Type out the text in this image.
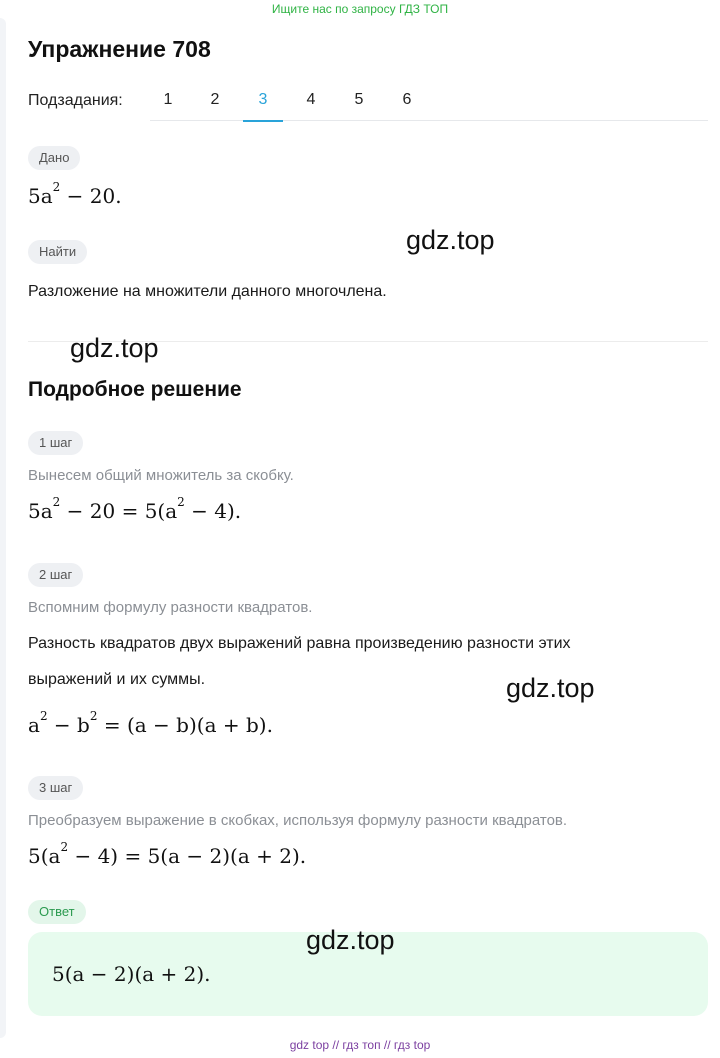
Ищите нас по запросу ГДЗ ТОП
Упражнение 708
Подзадания:	1	2	3	4	5	6
Дано
$5a^2 - 20$.
Найти
Разложение на множители данного многочлена.
Подробное решение
1 шаг
Вынесем общий множитель за скобку.
$5a^2 - 20 = 5(a^2 - 4)$.
2 шаг
Вспомним формулу разности квадратов.
Разность квадратов двух выражений равна произведению разности этих
выражений и их суммы.
$a^2 - b^2 = (a - b)(a + b)$.
3 шаг
Преобразуем выражение в скобках, используя формулу разности квадратов.
$5(a^2 - 4) = 5(a - 2)(a + 2)$.
Ответ
5(a − 2)(a + 2).
gdz.top
gdz.top
gdz.top
gdz.top
gdz top // гдз топ // гдз top
